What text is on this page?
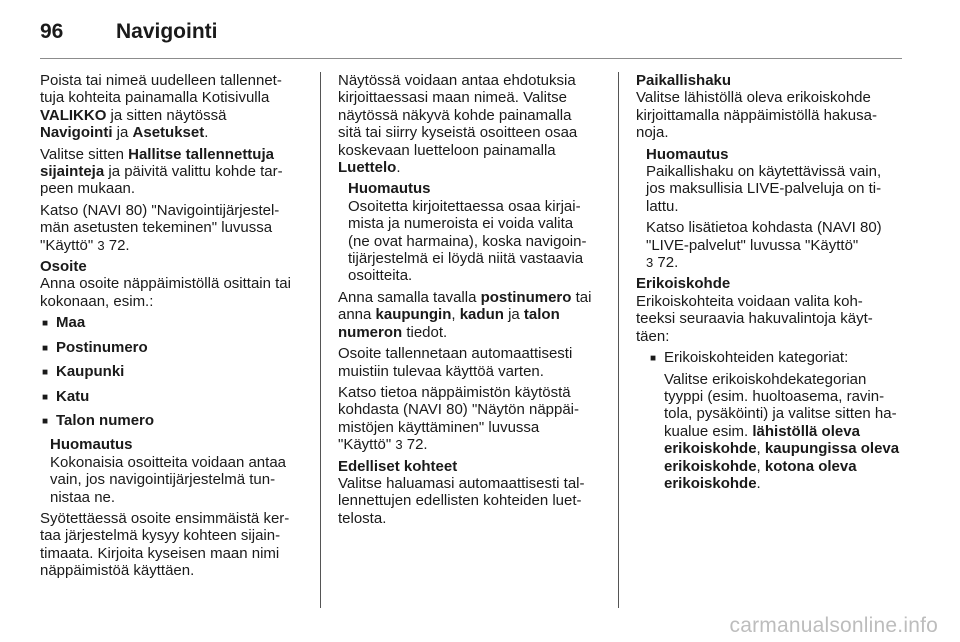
96	Navigointi

Poista tai nimeä uudelleen tallennet-
tuja kohteita painamalla Kotisivulla
VALIKKO ja sitten näytössä
Navigointi ja Asetukset.

Valitse sitten Hallitse tallennettuja
sijainteja ja päivitä valittu kohde tar-
peen mukaan.

Katso (NAVI 80) "Navigointijärjestel-
män asetusten tekeminen" luvussa
"Käyttö" 3 72.

Osoite

Anna osoite näppäimistöllä osittain tai
kokonaan, esim.:

■ Maa
■ Postinumero
■ Kaupunki
■ Katu
■ Talon numero
Huomautus
Kokonaisia osoitteita voidaan antaa
vain, jos navigointijärjestelmä tun-
nistaa ne.

Syötettäessä osoite ensimmäistä ker-
taa järjestelmä kysyy kohteen sijain-
timaata. Kirjoita kyseisen maan nimi
näppäimistöä käyttäen.

Näytössä voidaan antaa ehdotuksia
kirjoittaessasi maan nimeä. Valitse
näytössä näkyvä kohde painamalla
sitä tai siirry kyseistä osoitteen osaa
koskevaan luetteloon painamalla
Luettelo.

Huomautus
Osoitetta kirjoitettaessa osaa kirjai-
mista ja numeroista ei voida valita
(ne ovat harmaina), koska navigoin-
tijärjestelmä ei löydä niitä vastaavia
osoitteita.

Anna samalla tavalla postinumero tai
anna kaupungin, kadun ja talon
numeron tiedot.

Osoite tallennetaan automaattisesti
muistiin tulevaa käyttöä varten.

Katso tietoa näppäimistön käytöstä
kohdasta (NAVI 80) "Näytön näppäi-
mistöjen käyttäminen" luvussa
"Käyttö" 3 72.

Edelliset kohteet

Valitse haluamasi automaattisesti tal-
lennettujen edellisten kohteiden luet-
telosta.

Paikallishaku

Valitse lähistöllä oleva erikoiskohde
kirjoittamalla näppäimistöllä hakusa-
noja.

Huomautus
Paikallishaku on käytettävissä vain,
jos maksullisia LIVE-palveluja on ti-
lattu.
Katso lisätietoa kohdasta (NAVI 80)
"LIVE-palvelut" luvussa "Käyttö"
3 72.

Erikoiskohde

Erikoiskohteita voidaan valita koh-
teeksi seuraavia hakuvalintoja käyt-
täen:

■ Erikoiskohteiden kategoriat:
Valitse erikoiskohdekategorian
tyyppi (esim. huoltoasema, ravin-
tola, pysäköinti) ja valitse sitten ha-
kualue esim. lähistöllä oleva
erikoiskohde, kaupungissa oleva
erikoiskohde, kotona oleva
erikoiskohde.
carmanualsonline.info
